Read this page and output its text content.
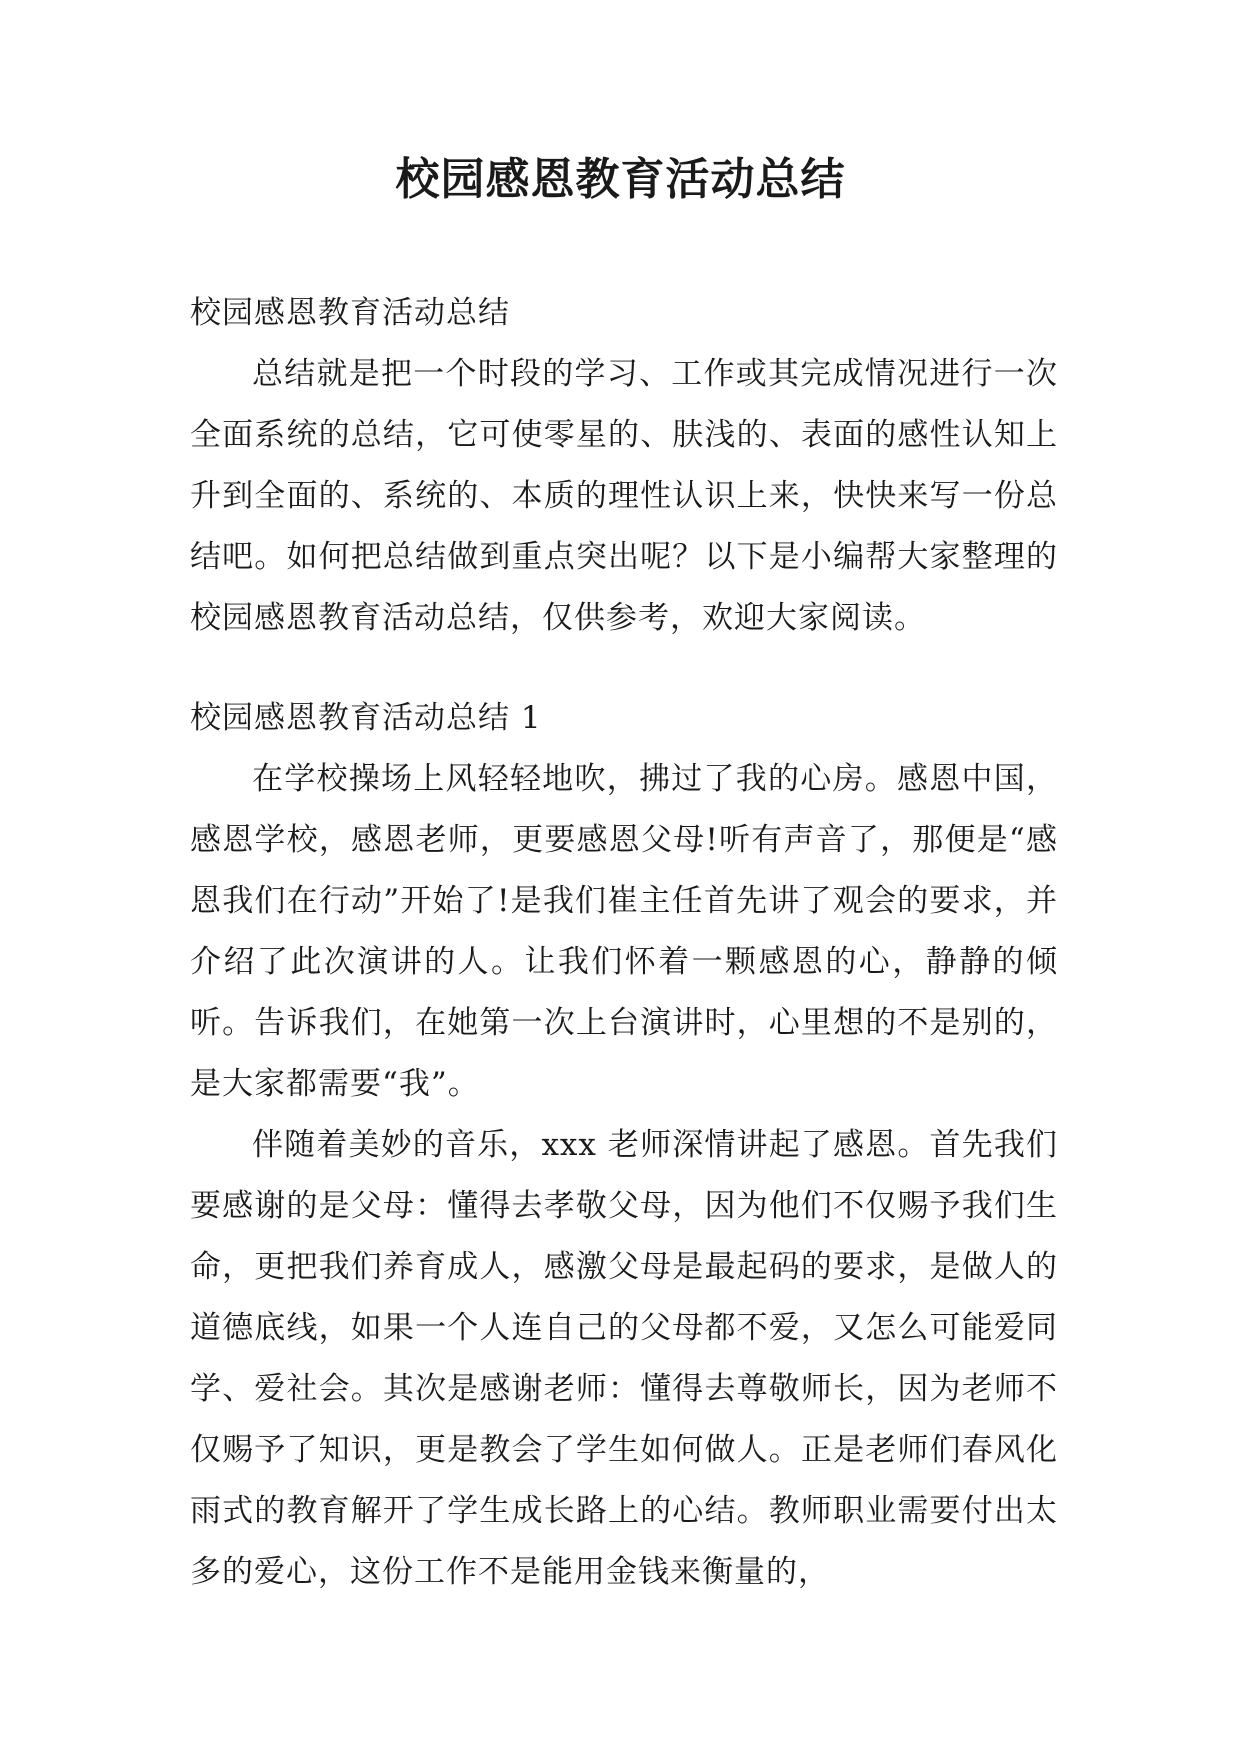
校园感恩教育活动总结

校园感恩教育活动总结

总结就是把一个时段的学习、工作或其完成情况进行一次全面系统的总结，它可使零星的、肤浅的、表面的感性认知上升到全面的、系统的、本质的理性认识上来，快快来写一份总结吧。如何把总结做到重点突出呢？以下是小编帮大家整理的校园感恩教育活动总结，仅供参考，欢迎大家阅读。

校园感恩教育活动总结 1

在学校操场上风轻轻地吹，拂过了我的心房。感恩中国，感恩学校，感恩老师，更要感恩父母!听有声音了，那便是“感恩我们在行动”开始了!是我们崔主任首先讲了观会的要求，并介绍了此次演讲的人。让我们怀着一颗感恩的心，静静的倾听。告诉我们，在她第一次上台演讲时，心里想的不是别的，是大家都需要“我”。

伴随着美妙的音乐，xxx 老师深情讲起了感恩。首先我们要感谢的是父母：懂得去孝敬父母，因为他们不仅赐予我们生命，更把我们养育成人，感激父母是最起码的要求，是做人的道德底线，如果一个人连自己的父母都不爱，又怎么可能爱同学、爱社会。其次是感谢老师：懂得去尊敬师长，因为老师不仅赐予了知识，更是教会了学生如何做人。正是老师们春风化雨式的教育解开了学生成长路上的心结。教师职业需要付出太多的爱心，这份工作不是能用金钱来衡量的，
